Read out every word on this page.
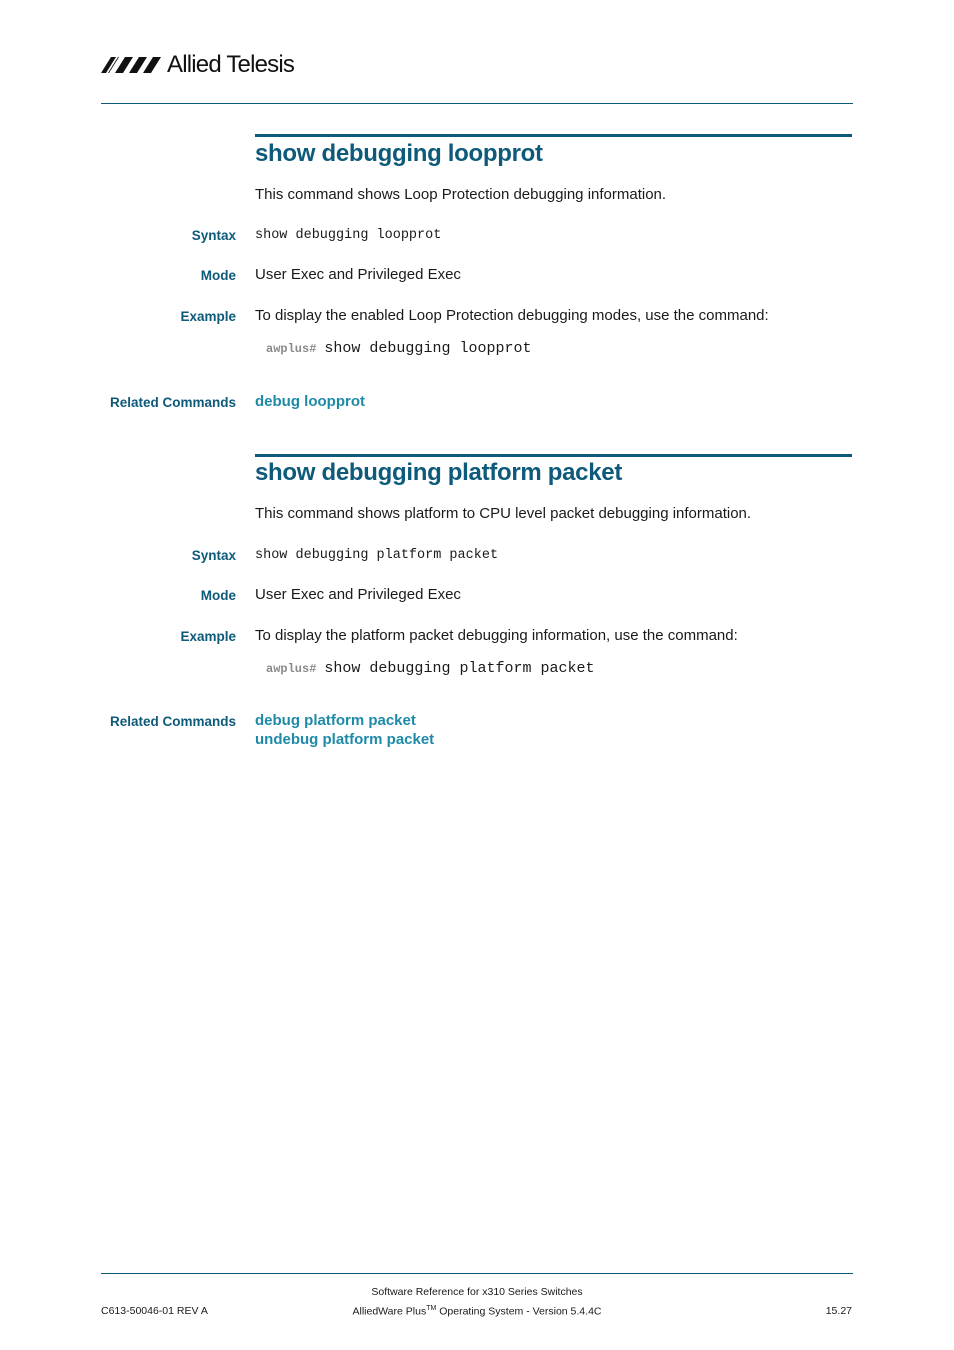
Allied Telesis
show debugging loopprot
This command shows Loop Protection debugging information.
Syntax show debugging loopprot
Mode User Exec and Privileged Exec
Example To display the enabled Loop Protection debugging modes, use the command:
awplus# show debugging loopprot
Related Commands debug loopprot
show debugging platform packet
This command shows platform to CPU level packet debugging information.
Syntax show debugging platform packet
Mode User Exec and Privileged Exec
Example To display the platform packet debugging information, use the command:
awplus# show debugging platform packet
Related Commands debug platform packet
undebug platform packet
Software Reference for x310 Series Switches
C613-50046-01 REV A	AlliedWare Plus™ Operating System - Version 5.4.4C	15.27
